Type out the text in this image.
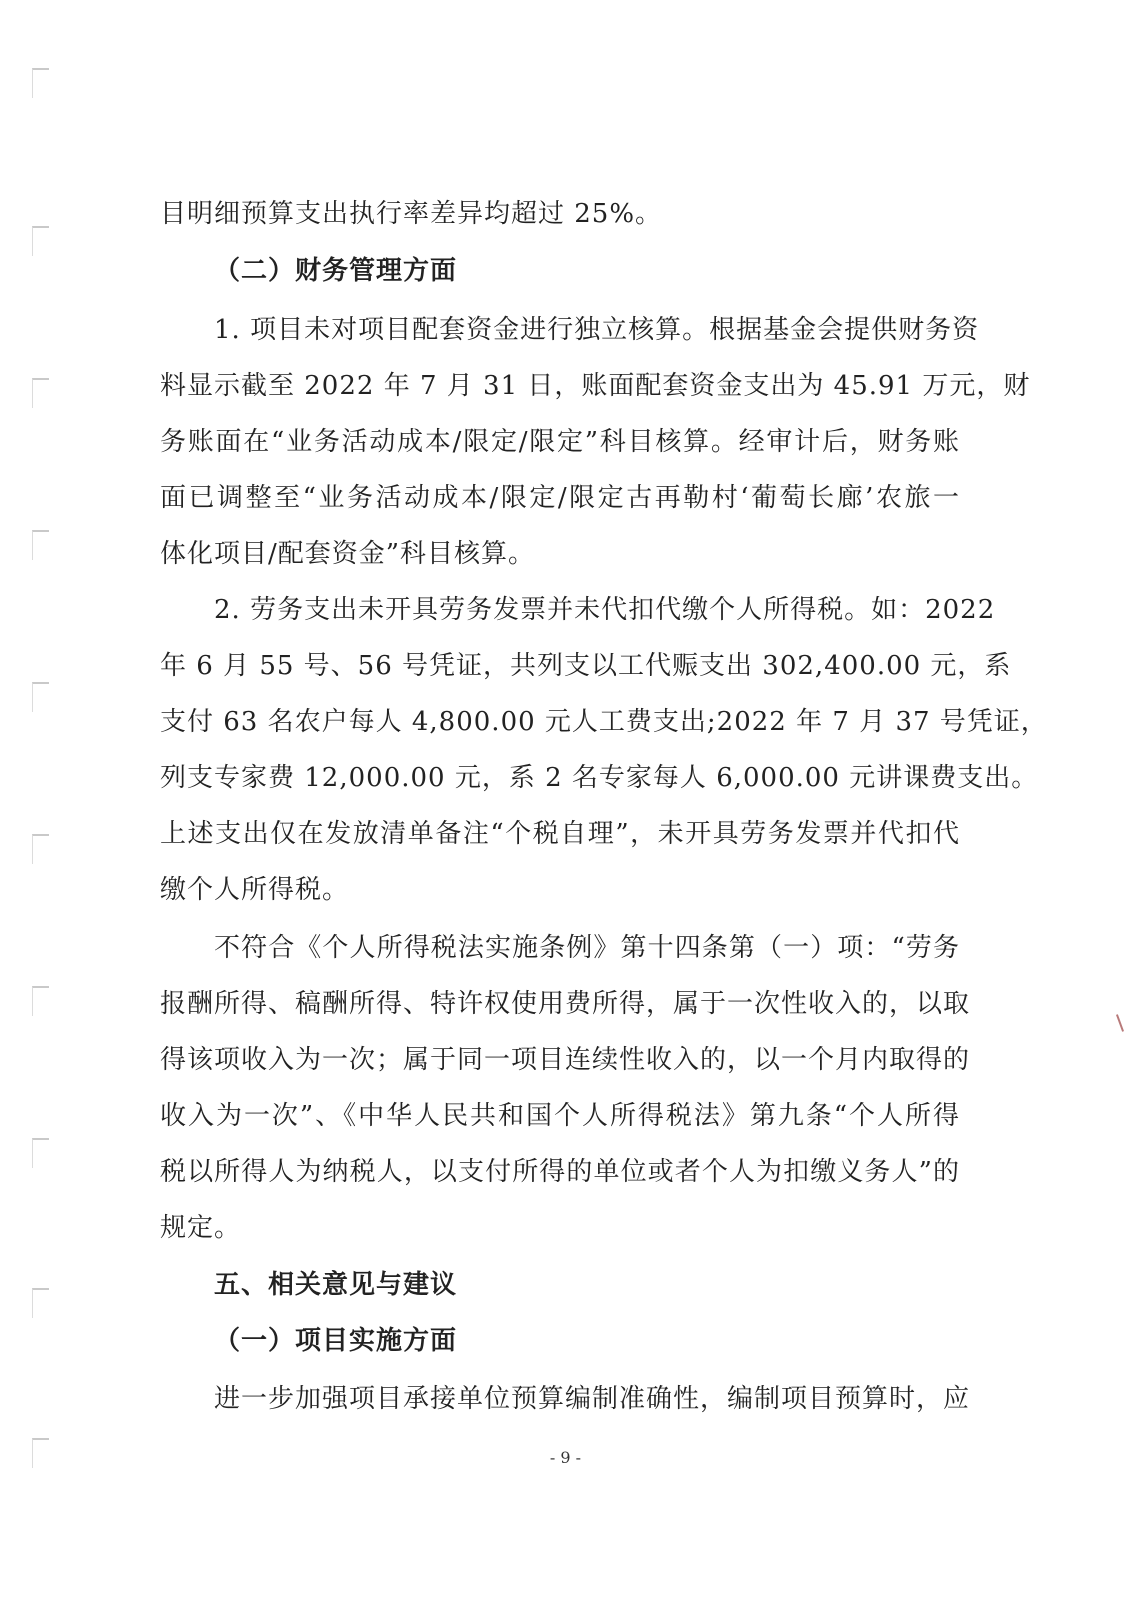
目明细预算支出执行率差异均超过 25%。
（二）财务管理方面
1. 项目未对项目配套资金进行独立核算。根据基金会提供财务资
料显示截至 2022 年 7 月 31 日，账面配套资金支出为 45.91 万元，财
务账面在“业务活动成本/限定/限定”科目核算。经审计后，财务账
面已调整至“业务活动成本/限定/限定古再勒村‘葡萄长廊’农旅一
体化项目/配套资金”科目核算。
2. 劳务支出未开具劳务发票并未代扣代缴个人所得税。如：2022
年 6 月 55 号、56 号凭证，共列支以工代赈支出 302,400.00 元，系
支付 63 名农户每人 4,800.00 元人工费支出;2022 年 7 月 37 号凭证，
列支专家费 12,000.00 元，系 2 名专家每人 6,000.00 元讲课费支出。
上述支出仅在发放清单备注“个税自理”，未开具劳务发票并代扣代
缴个人所得税。
不符合《个人所得税法实施条例》第十四条第（一）项：“劳务
报酬所得、稿酬所得、特许权使用费所得，属于一次性收入的，以取
得该项收入为一次；属于同一项目连续性收入的，以一个月内取得的
收入为一次”、《中华人民共和国个人所得税法》第九条“个人所得
税以所得人为纳税人，以支付所得的单位或者个人为扣缴义务人”的
规定。
五、相关意见与建议
（一）项目实施方面
进一步加强项目承接单位预算编制准确性，编制项目预算时，应
- 9 -
